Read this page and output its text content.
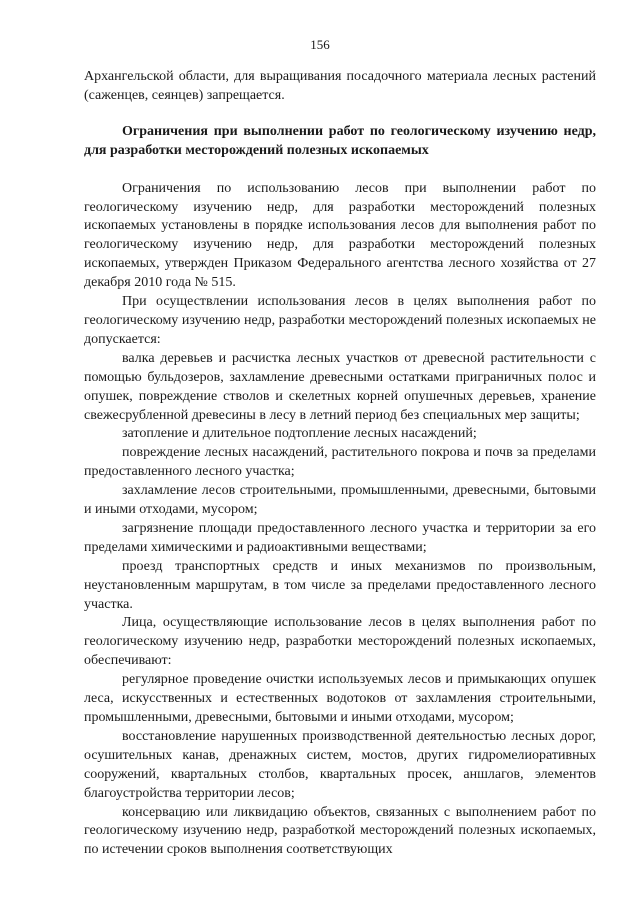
156

Архангельской области, для выращивания посадочного материала лесных растений (саженцев, сеянцев) запрещается.

Ограничения при выполнении работ по геологическому изучению недр, для разработки месторождений полезных ископаемых

Ограничения по использованию лесов при выполнении работ по геологическому изучению недр, для разработки месторождений полезных ископаемых установлены в порядке использования лесов для выполнения работ по геологическому изучению недр, для разработки месторождений полезных ископаемых, утвержден Приказом Федерального агентства лесного хозяйства от 27 декабря 2010 года № 515.

При осуществлении использования лесов в целях выполнения работ по геологическому изучению недр, разработки месторождений полезных ископаемых не допускается:

валка деревьев и расчистка лесных участков от древесной растительности с помощью бульдозеров, захламление древесными остатками приграничных полос и опушек, повреждение стволов и скелетных корней опушечных деревьев, хранение свежесрубленной древесины в лесу в летний период без специальных мер защиты;

затопление и длительное подтопление лесных насаждений;

повреждение лесных насаждений, растительного покрова и почв за пределами предоставленного лесного участка;

захламление лесов строительными, промышленными, древесными, бытовыми и иными отходами, мусором;

загрязнение площади предоставленного лесного участка и территории за его пределами химическими и радиоактивными веществами;

проезд транспортных средств и иных механизмов по произвольным, неустановленным маршрутам, в том числе за пределами предоставленного лесного участка.

Лица, осуществляющие использование лесов в целях выполнения работ по геологическому изучению недр, разработки месторождений полезных ископаемых, обеспечивают:

регулярное проведение очистки используемых лесов и примыкающих опушек леса, искусственных и естественных водотоков от захламления строительными, промышленными, древесными, бытовыми и иными отходами, мусором;

восстановление нарушенных производственной деятельностью лесных дорог, осушительных канав, дренажных систем, мостов, других гидромелиоративных сооружений, квартальных столбов, квартальных просек, аншлагов, элементов благоустройства территории лесов;

консервацию или ликвидацию объектов, связанных с выполнением работ по геологическому изучению недр, разработкой месторождений полезных ископаемых, по истечении сроков выполнения соответствующих
